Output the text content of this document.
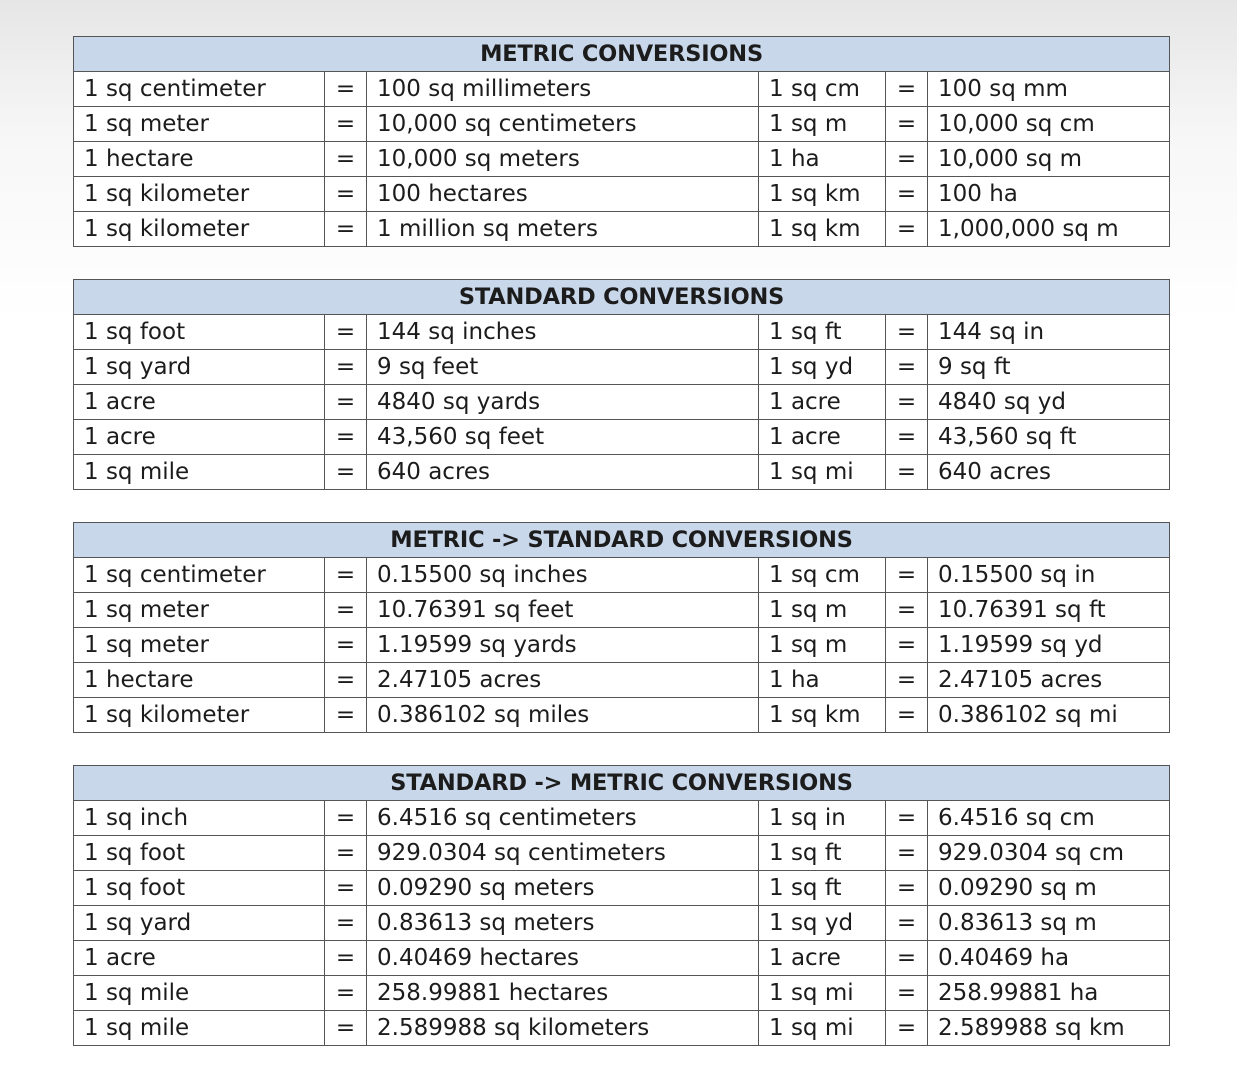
METRIC CONVERSIONS					
1 sq centimeter	=	100 sq millimeters	1 sq cm	=	100 sq mm
1 sq meter	=	10,000 sq centimeters	1 sq m	=	10,000 sq cm
1 hectare	=	10,000 sq meters	1 ha	=	10,000 sq m
1 sq kilometer	=	100 hectares	1 sq km	=	100 ha
1 sq kilometer	=	1 million sq meters	1 sq km	=	1,000,000 sq m
STANDARD CONVERSIONS					
1 sq foot	=	144 sq inches	1 sq ft	=	144 sq in
1 sq yard	=	9 sq feet	1 sq yd	=	9 sq ft
1 acre	=	4840 sq yards	1 acre	=	4840 sq yd
1 acre	=	43,560 sq feet	1 acre	=	43,560 sq ft
1 sq mile	=	640 acres	1 sq mi	=	640 acres
METRIC -> STANDARD CONVERSIONS					
1 sq centimeter	=	0.15500 sq inches	1 sq cm	=	0.15500 sq in
1 sq meter	=	10.76391 sq feet	1 sq m	=	10.76391 sq ft
1 sq meter	=	1.19599 sq yards	1 sq m	=	1.19599 sq yd
1 hectare	=	2.47105 acres	1 ha	=	2.47105 acres
1 sq kilometer	=	0.386102 sq miles	1 sq km	=	0.386102 sq mi
STANDARD -> METRIC CONVERSIONS					
1 sq inch	=	6.4516 sq centimeters	1 sq in	=	6.4516 sq cm
1 sq foot	=	929.0304 sq centimeters	1 sq ft	=	929.0304 sq cm
1 sq foot	=	0.09290 sq meters	1 sq ft	=	0.09290 sq m
1 sq yard	=	0.83613 sq meters	1 sq yd	=	0.83613 sq m
1 acre	=	0.40469 hectares	1 acre	=	0.40469 ha
1 sq mile	=	258.99881 hectares	1 sq mi	=	258.99881 ha
1 sq mile	=	2.589988 sq kilometers	1 sq mi	=	2.589988 sq km
